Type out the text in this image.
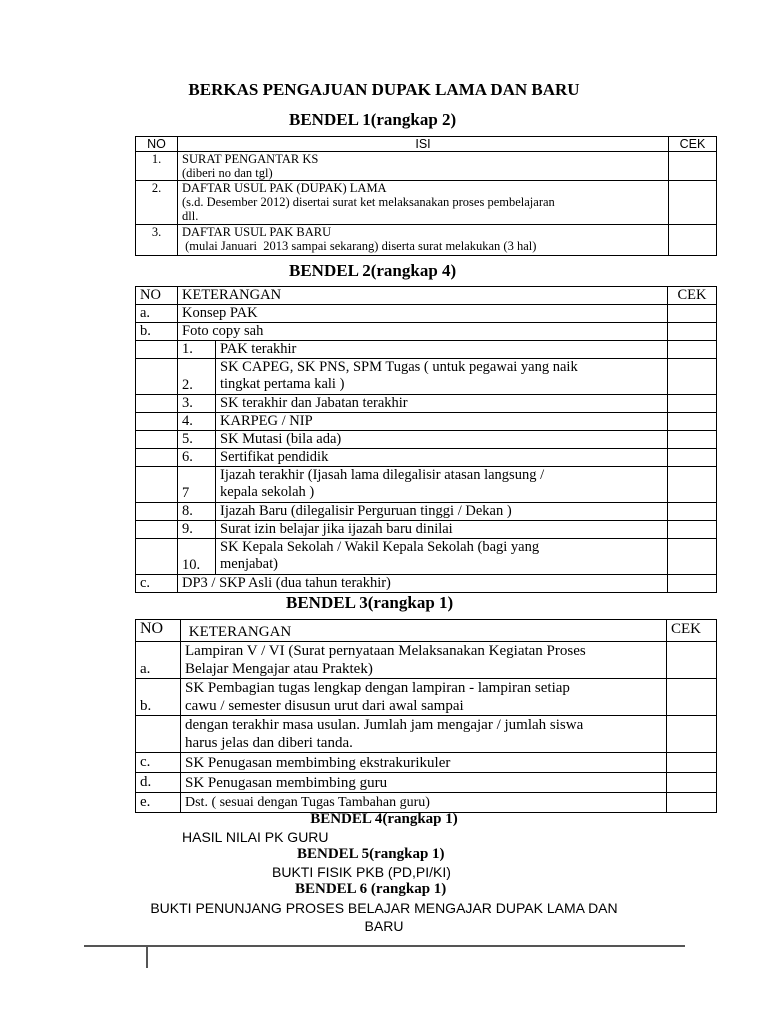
BERKAS PENGAJUAN DUPAK LAMA DAN BARU
BENDEL 1(rangkap 2)
NO	ISI	CEK
1.	SURAT PENGANTAR KS
(diberi no dan tgl)	

2.	DAFTAR USUL PAK (DUPAK) LAMA
(s.d. Desember 2012) disertai surat ket melaksanakan proses pembelajaran
dll.	

3.	DAFTAR USUL PAK BARU
(mulai Januari  2013 sampai sekarang) diserta surat melakukan (3 hal)	

BENDEL 2(rangkap 4)
NO	KETERANGAN		CEK
a.	Konsep PAK		
b.	Foto copy sah		
	1.	PAK terakhir	
	2.	SK CAPEG, SK PNS, SPM Tugas ( untuk pegawai yang naik
tingkat pertama kali )	

	3.	SK terakhir dan Jabatan terakhir	
	4.	KARPEG / NIP	
	5.	SK Mutasi (bila ada)	
	6.	Sertifikat pendidik	
	7	Ijazah terakhir (Ijasah lama dilegalisir atasan langsung /
kepala sekolah )	

	8.	Ijazah Baru (dilegalisir Perguruan tinggi / Dekan )	
	9.	Surat izin belajar jika ijazah baru dinilai	
	10.	SK Kepala Sekolah / Wakil Kepala Sekolah (bagi yang
menjabat)	

c.	DP3 / SKP Asli (dua tahun terakhir)		
BENDEL 3(rangkap 1)
NO	KETERANGAN	CEK
a.	Lampiran V / VI (Surat pernyataan Melaksanakan Kegiatan Proses
Belajar Mengajar atau Praktek)	

b.	SK Pembagian tugas lengkap dengan lampiran - lampiran setiap
cawu / semester disusun urut dari awal sampai	

	dengan terakhir masa usulan. Jumlah jam mengajar / jumlah siswa
harus jelas dan diberi tanda.	

c.	SK Penugasan membimbing ekstrakurikuler	
d.	SK Penugasan membimbing guru	
e.	Dst. ( sesuai dengan Tugas Tambahan guru)	
BENDEL 4(rangkap 1)
HASIL NILAI PK GURU
BENDEL 5(rangkap 1)
BUKTI FISIK PKB (PD,PI/KI)
BENDEL 6 (rangkap 1)
BUKTI PENUNJANG PROSES BELAJAR MENGAJAR DUPAK LAMA DAN
BARU
